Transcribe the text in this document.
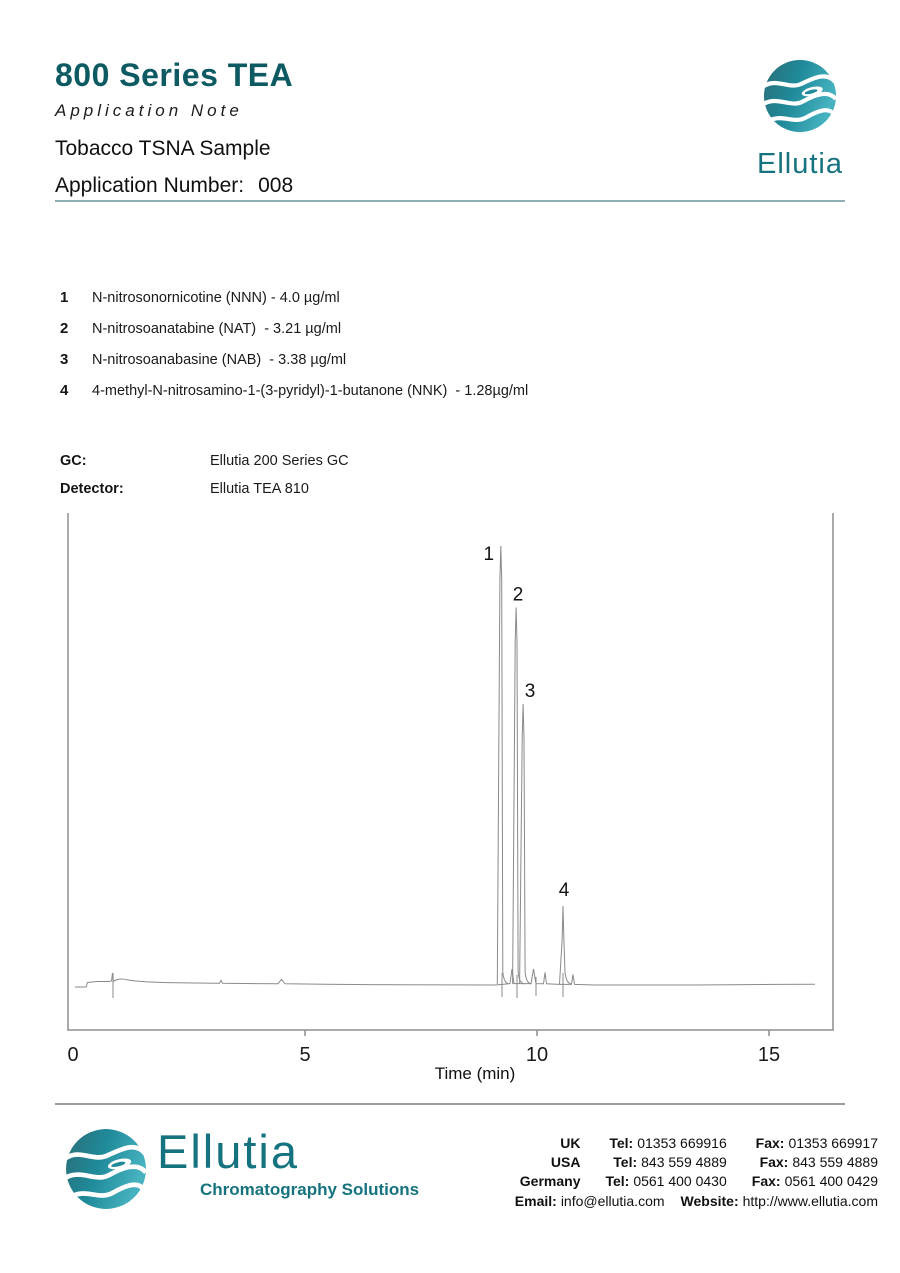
800 Series TEA
Application Note
Tobacco TSNA Sample
Application Number: 008
Ellutia
1	N-nitrosonornicotine (NNN) - 4.0 µg/ml
2	N-nitrosoanatabine (NAT)  - 3.21 µg/ml
3	N-nitrosoanabasine (NAB)  - 3.38 µg/ml
4	4-methyl-N-nitrosamino-1-(3-pyridyl)-1-butanone (NNK)  - 1.28µg/ml
GC:	Ellutia 200 Series GC
Detector:	Ellutia TEA 810
Time (min)
1
2
3
4
0	5	10	15
Ellutia
Chromatography Solutions
UK Tel: 01353 669916 Fax: 01353 669917
USA Tel: 843 559 4889 Fax: 843 559 4889
Germany Tel: 0561 400 0430 Fax: 0561 400 0429
Email: info@ellutia.com Website: http://www.ellutia.com
